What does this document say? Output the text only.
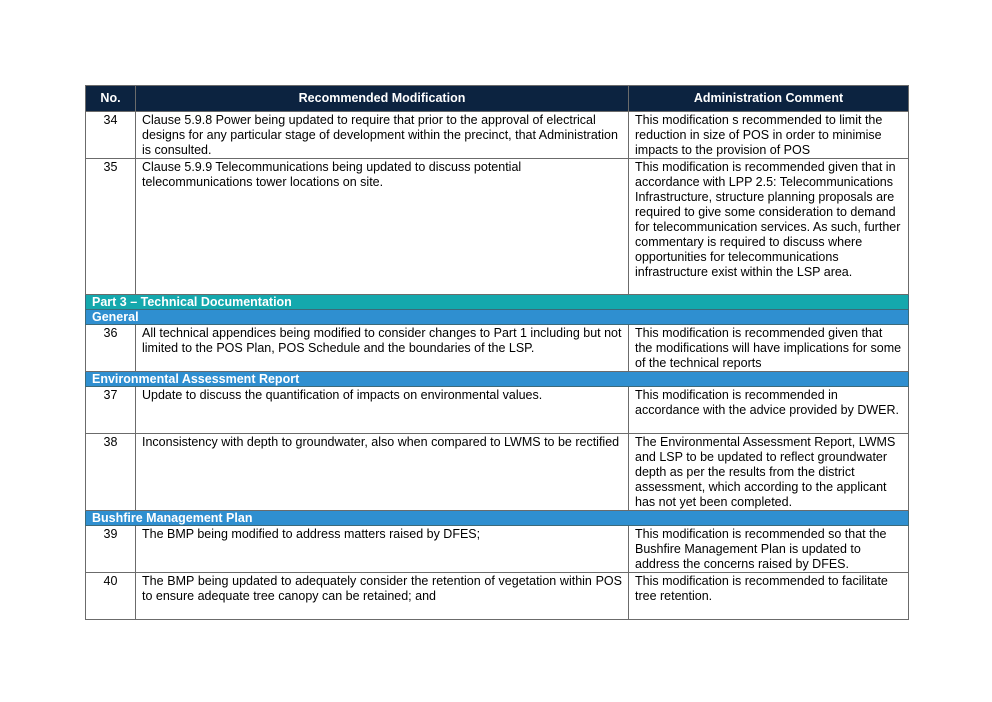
No.	Recommended Modification	Administration Comment
34	Clause 5.9.8 Power being updated to require that prior to the approval of electrical designs for any particular stage of development within the precinct, that Administration is consulted.	This modification s recommended to limit the reduction in size of POS in order to minimise impacts to the provision of POS
35	Clause 5.9.9 Telecommunications being updated to discuss potential telecommunications tower locations on site.	This modification is recommended given that in accordance with LPP 2.5: Telecommunications Infrastructure, structure planning proposals are required to give some consideration to demand for telecommunication services. As such, further commentary is required to discuss where opportunities for telecommunications infrastructure exist within the LSP area.
Part 3 – Technical Documentation		
General		
36	All technical appendices being modified to consider changes to Part 1 including but not limited to the POS Plan, POS Schedule and the boundaries of the LSP.	This modification is recommended given that the modifications will have implications for some of the technical reports
Environmental Assessment Report		
37	Update to discuss the quantification of impacts on environmental values.	This modification is recommended in accordance with the advice provided by DWER.
38	Inconsistency with depth to groundwater, also when compared to LWMS to be rectified	The Environmental Assessment Report, LWMS and LSP to be updated to reflect groundwater depth as per the results from the district assessment, which according to the applicant has not yet been completed.
Bushfire Management Plan		
39	The BMP being modified to address matters raised by DFES;	This modification is recommended so that the Bushfire Management Plan is updated to address the concerns raised by DFES.
40	The BMP being updated to adequately consider the retention of vegetation within POS to ensure adequate tree canopy can be retained; and	This modification is recommended to facilitate tree retention.
